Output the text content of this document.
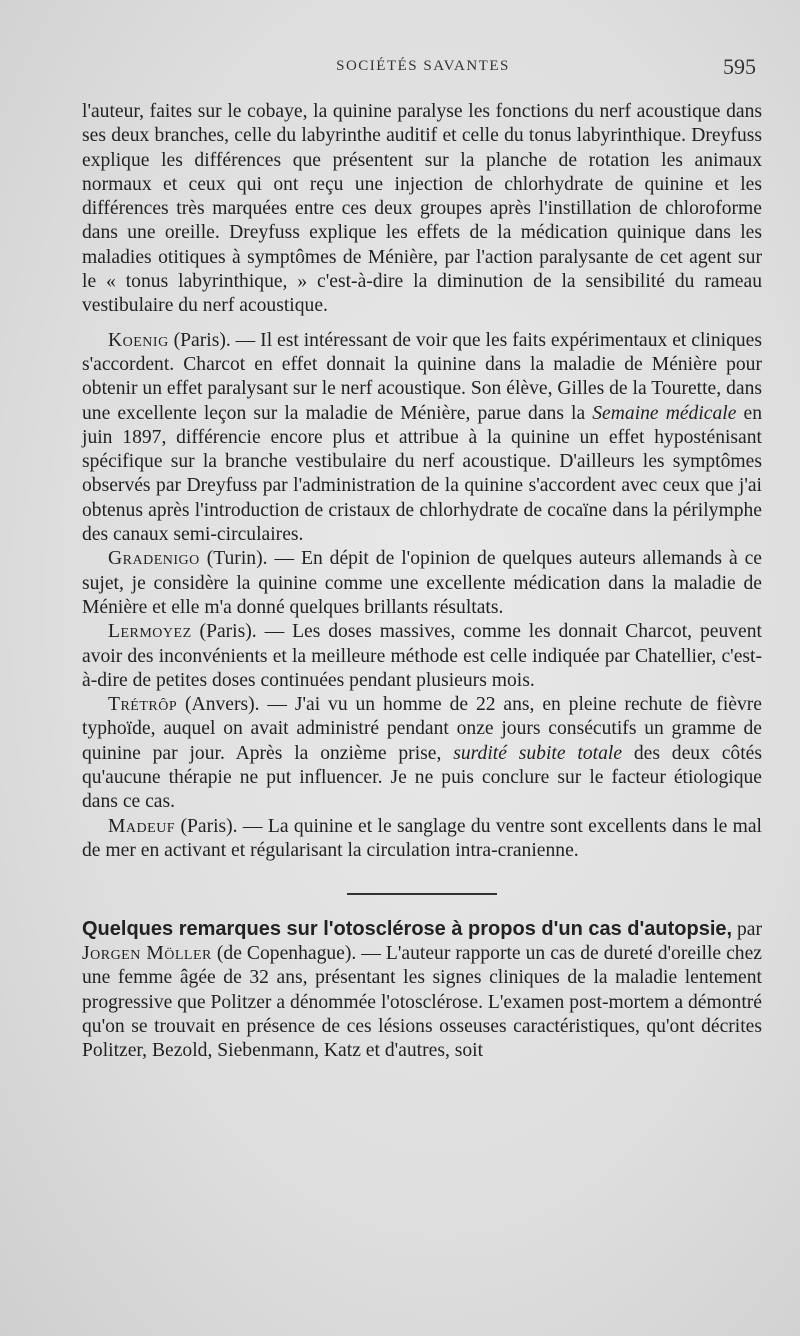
SOCIÉTÉS SAVANTES	595

l'auteur, faites sur le cobaye, la quinine paralyse les fonctions du nerf acoustique dans ses deux branches, celle du labyrinthe auditif et celle du tonus labyrinthique. Dreyfuss explique les différences que présentent sur la planche de rotation les animaux normaux et ceux qui ont reçu une injection de chlorhydrate de quinine et les différences très marquées entre ces deux groupes après l'instillation de chloroforme dans une oreille. Dreyfuss explique les effets de la médication quinique dans les maladies otitiques à symptômes de Ménière, par l'action paralysante de cet agent sur le « tonus labyrinthique, » c'est-à-dire la diminution de la sensibilité du rameau vestibulaire du nerf acoustique.

Koenig (Paris). — Il est intéressant de voir que les faits expérimentaux et cliniques s'accordent. Charcot en effet donnait la quinine dans la maladie de Ménière pour obtenir un effet paralysant sur le nerf acoustique. Son élève, Gilles de la Tourette, dans une excellente leçon sur la maladie de Ménière, parue dans la Semaine médicale en juin 1897, différencie encore plus et attribue à la quinine un effet hyposténisant spécifique sur la branche vestibulaire du nerf acoustique. D'ailleurs les symptômes observés par Dreyfuss par l'administration de la quinine s'accordent avec ceux que j'ai obtenus après l'introduction de cristaux de chlorhydrate de cocaïne dans la périlymphe des canaux semi-circulaires.

Gradenigo (Turin). — En dépit de l'opinion de quelques auteurs allemands à ce sujet, je considère la quinine comme une excellente médication dans la maladie de Ménière et elle m'a donné quelques brillants résultats.

Lermoyez (Paris). — Les doses massives, comme les donnait Charcot, peuvent avoir des inconvénients et la meilleure méthode est celle indiquée par Chatellier, c'est-à-dire de petites doses continuées pendant plusieurs mois.

Trétrôp (Anvers). — J'ai vu un homme de 22 ans, en pleine rechute de fièvre typhoïde, auquel on avait administré pendant onze jours consécutifs un gramme de quinine par jour. Après la onzième prise, surdité subite totale des deux côtés qu'aucune thérapie ne put influencer. Je ne puis conclure sur le facteur étiologique dans ce cas.

Madeuf (Paris). — La quinine et le sanglage du ventre sont excellents dans le mal de mer en activant et régularisant la circulation intra-cranienne.

Quelques remarques sur l'otosclérose à propos d'un cas d'autopsie, par Jorgen Möller (de Copenhague). — L'auteur rapporte un cas de dureté d'oreille chez une femme âgée de 32 ans, présentant les signes cliniques de la maladie lentement progressive que Politzer a dénommée l'otosclérose. L'examen post-mortem a démontré qu'on se trouvait en présence de ces lésions osseuses caractéristiques, qu'ont décrites Politzer, Bezold, Siebenmann, Katz et d'autres, soit
